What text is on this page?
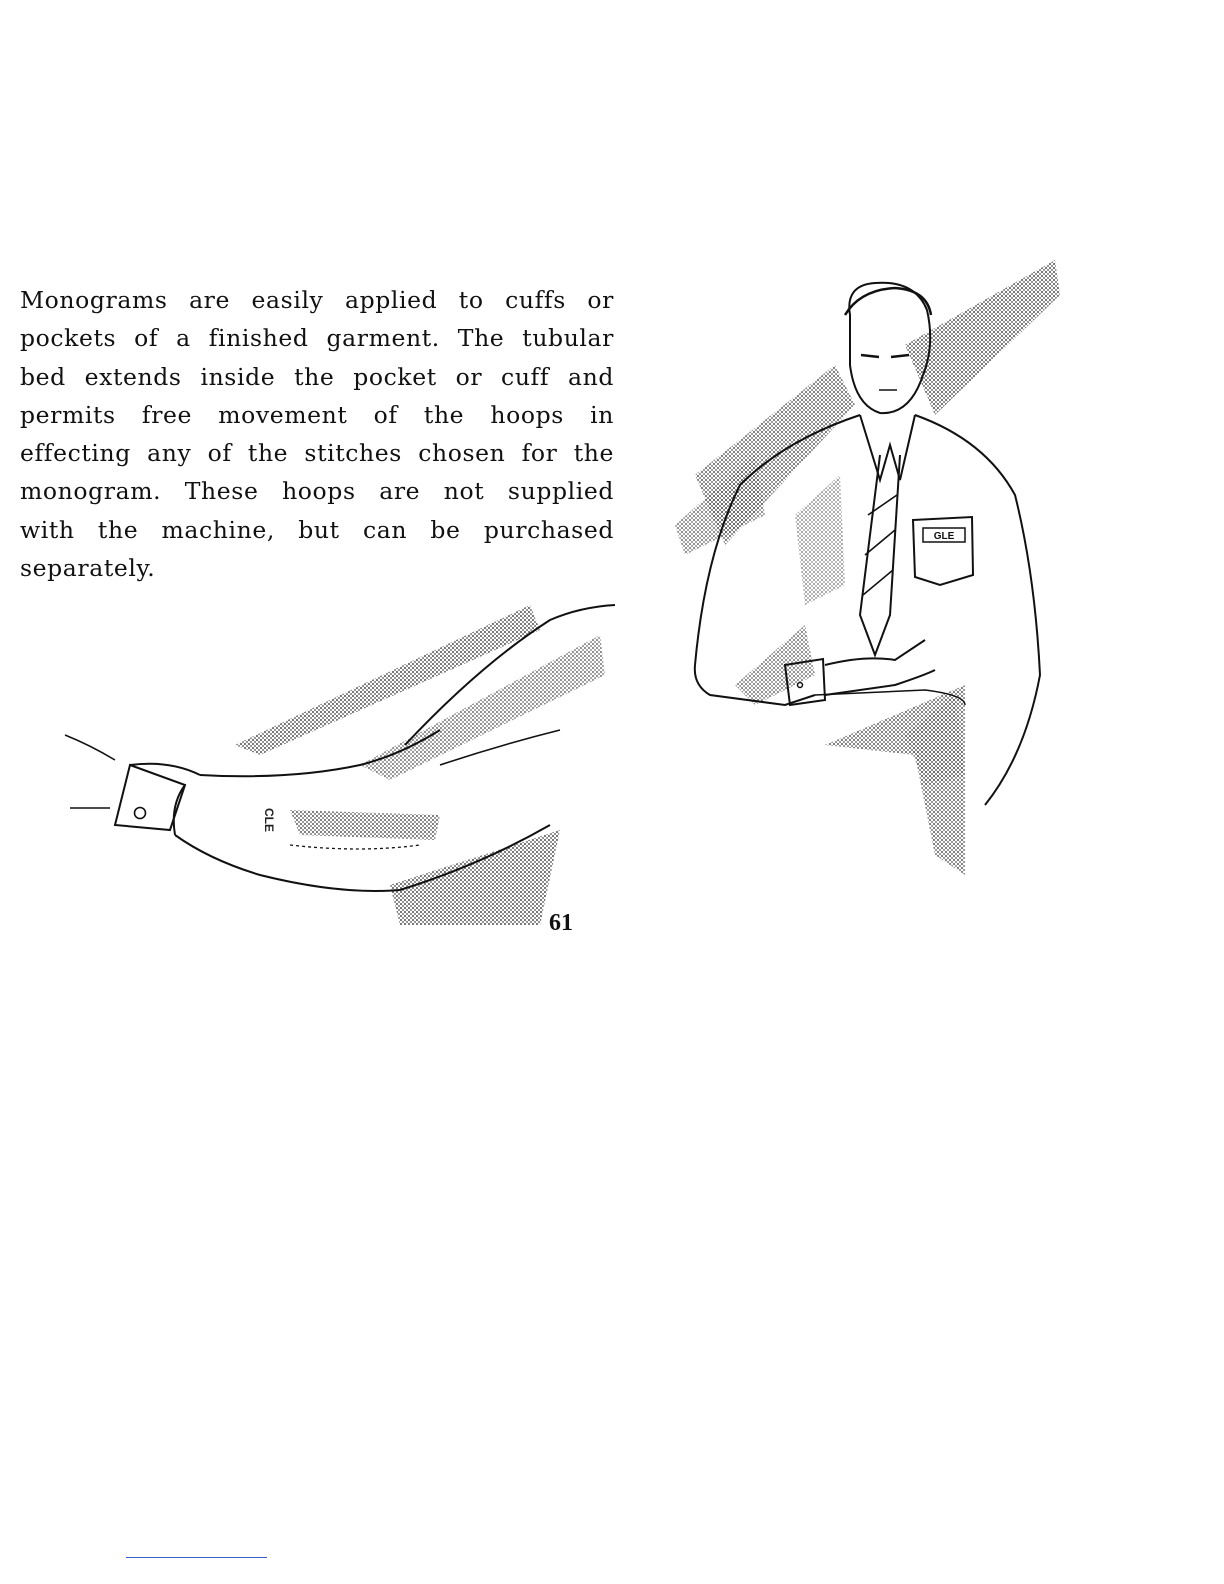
Monograms are easily applied to cuffs or pockets of a finished garment. The tubular bed extends inside the pocket or cuff and permits free movement of the hoops in effecting any of the stitches chosen for the monogram. These hoops are not supplied with the machine, but can be purchased separately.

GLE
CLE
61
